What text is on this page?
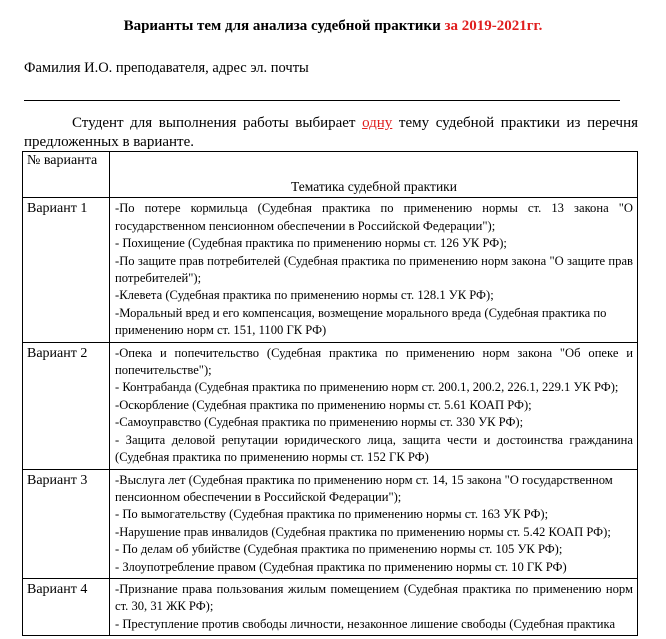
Варианты тем для анализа судебной практики за 2019-2021гг.
Фамилия И.О. преподавателя, адрес эл. почты
Студент для выполнения работы выбирает одну тему судебной практики из перечня предложенных в варианте.
№ варианта	Тематика судебной практики
Вариант 1	-По потере кормильца (Судебная практика по применению нормы ст. 13 закона "О государственном пенсионном обеспечении в Российской Федерации");
- Похищение (Судебная практика по применению нормы ст. 126 УК РФ);
-По защите прав потребителей (Судебная практика по применению норм закона "О защите прав потребителей");
-Клевета (Судебная практика по применению нормы ст. 128.1 УК РФ);
-Моральный вред и его компенсация, возмещение морального вреда (Судебная практика по применению норм ст. 151, 1100 ГК РФ)

Вариант 2	-Опека и попечительство (Судебная практика по применению норм закона "Об опеке и попечительстве");
- Контрабанда (Судебная практика по применению норм ст. 200.1, 200.2, 226.1, 229.1 УК РФ);
-Оскорбление (Судебная практика по применению нормы ст. 5.61 КОАП РФ);
-Самоуправство (Судебная практика по применению нормы ст. 330 УК РФ);
- Защита деловой репутации юридического лица, защита чести и достоинства гражданина (Судебная практика по применению нормы ст. 152 ГК РФ)

Вариант 3	-Выслуга лет (Судебная практика по применению норм ст. 14, 15 закона "О государственном пенсионном обеспечении в Российской Федерации");
- По вымогательству (Судебная практика по применению нормы ст. 163 УК РФ);
-Нарушение прав инвалидов (Судебная практика по применению нормы ст. 5.42 КОАП РФ);
- По делам об убийстве (Судебная практика по применению нормы ст. 105 УК РФ);
- Злоупотребление правом (Судебная практика по применению нормы ст. 10 ГК РФ)

Вариант 4	-Признание права пользования жилым помещением (Судебная практика по применению норм ст. 30, 31 ЖК РФ);
- Преступление против свободы личности, незаконное лишение свободы (Судебная практика
